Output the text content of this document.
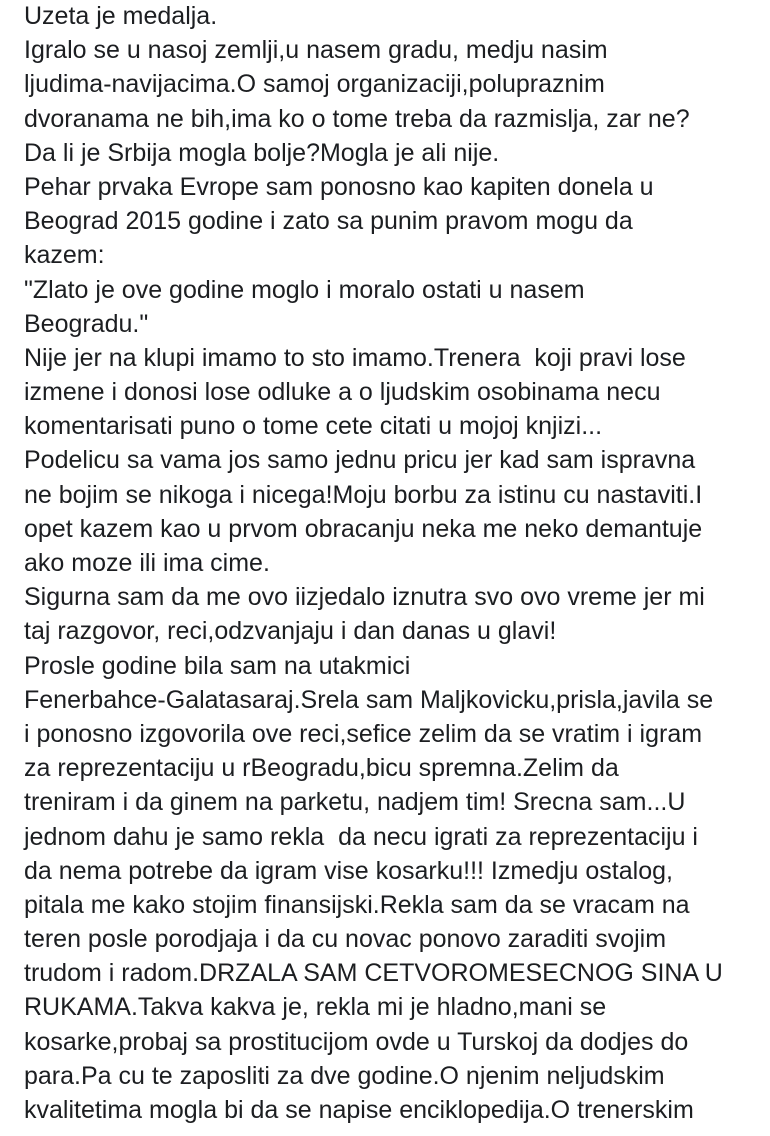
Uzeta je medalja.
Igralo se u nasoj zemlji,u nasem gradu, medju nasim
ljudima-navijacima.O samoj organizaciji,polupraznim
dvoranama ne bih,ima ko o tome treba da razmislja, zar ne?
Da li je Srbija mogla bolje?Mogla je ali nije.
Pehar prvaka Evrope sam ponosno kao kapiten donela u
Beograd 2015 godine i zato sa punim pravom mogu da
kazem:
"Zlato je ove godine moglo i moralo ostati u nasem
Beogradu."
Nije jer na klupi imamo to sto imamo.Trenera  koji pravi lose
izmene i donosi lose odluke a o ljudskim osobinama necu
komentarisati puno o tome cete citati u mojoj knjizi...
Podelicu sa vama jos samo jednu pricu jer kad sam ispravna
ne bojim se nikoga i nicega!Moju borbu za istinu cu nastaviti.I
opet kazem kao u prvom obracanju neka me neko demantuje
ako moze ili ima cime.
Sigurna sam da me ovo iizjedalo iznutra svo ovo vreme jer mi
taj razgovor, reci,odzvanjaju i dan danas u glavi!
Prosle godine bila sam na utakmici
Fenerbahce-Galatasaraj.Srela sam Maljkovicku,prisla,javila se
i ponosno izgovorila ove reci,sefice zelim da se vratim i igram
za reprezentaciju u rBeogradu,bicu spremna.Zelim da
treniram i da ginem na parketu, nadjem tim! Srecna sam...U
jednom dahu je samo rekla  da necu igrati za reprezentaciju i
da nema potrebe da igram vise kosarku!!! Izmedju ostalog,
pitala me kako stojim finansijski.Rekla sam da se vracam na
teren posle porodjaja i da cu novac ponovo zaraditi svojim
trudom i radom.DRZALA SAM CETVOROMESECNOG SINA U
RUKAMA.Takva kakva je, rekla mi je hladno,mani se
kosarke,probaj sa prostitucijom ovde u Turskoj da dodjes do
para.Pa cu te zaposliti za dve godine.O njenim neljudskim
kvalitetima mogla bi da se napise enciklopedija.O trenerskim
